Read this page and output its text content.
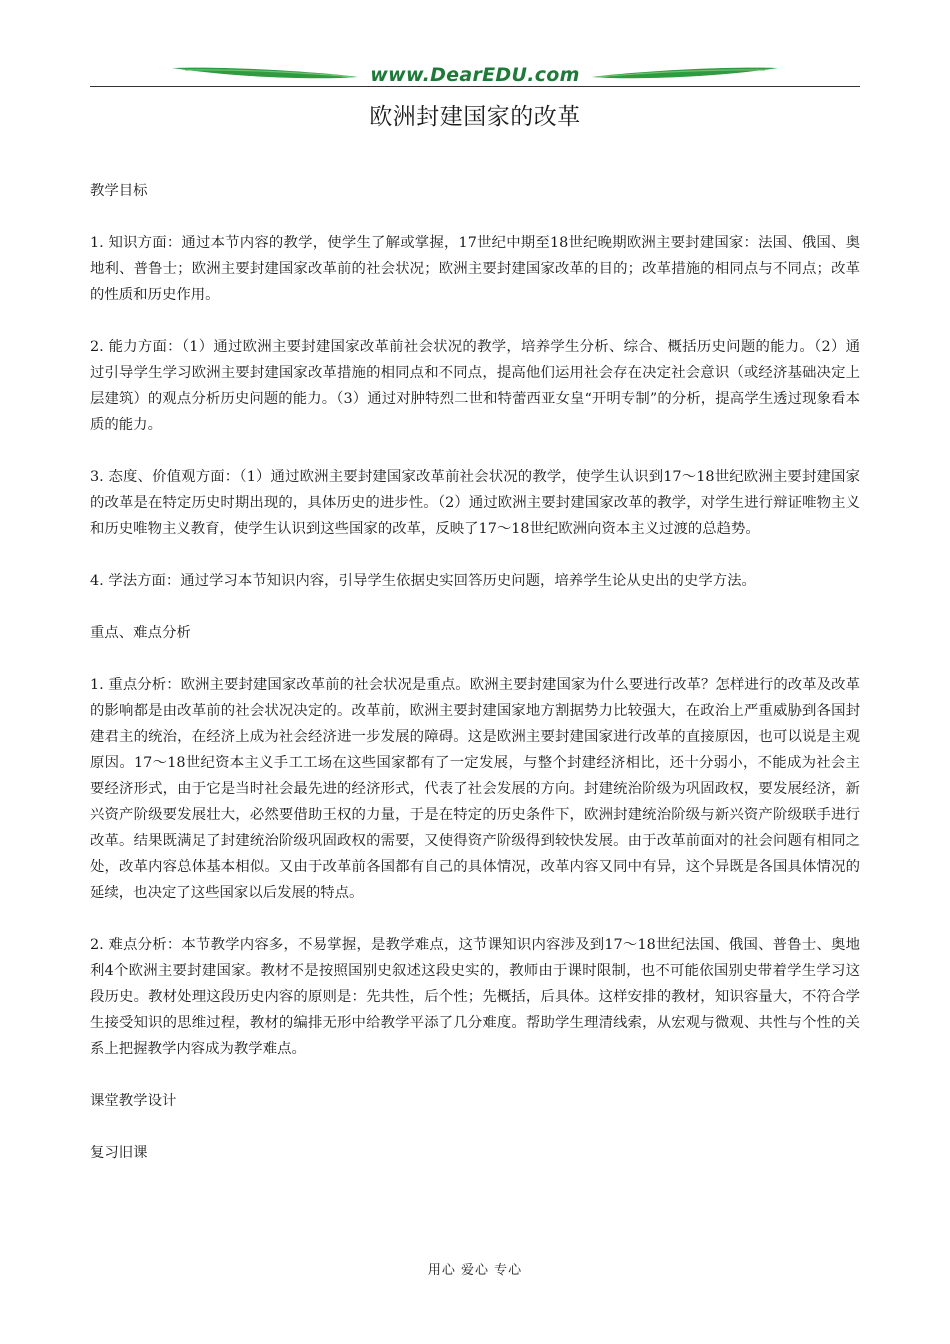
www.DearEDU.com
欧洲封建国家的改革

教学目标

1. 知识方面：通过本节内容的教学，使学生了解或掌握，17世纪中期至18世纪晚期欧洲主要封建国家：法国、俄国、奥地利、普鲁士；欧洲主要封建国家改革前的社会状况；欧洲主要封建国家改革的目的；改革措施的相同点与不同点；改革的性质和历史作用。

2. 能力方面：（1）通过欧洲主要封建国家改革前社会状况的教学，培养学生分析、综合、概括历史问题的能力。（2）通过引导学生学习欧洲主要封建国家改革措施的相同点和不同点，提高他们运用社会存在决定社会意识（或经济基础决定上层建筑）的观点分析历史问题的能力。（3）通过对肿特烈二世和特蕾西亚女皇“开明专制”的分析，提高学生透过现象看本质的能力。

3. 态度、价值观方面：（1）通过欧洲主要封建国家改革前社会状况的教学，使学生认识到17～18世纪欧洲主要封建国家的改革是在特定历史时期出现的，具体历史的进步性。（2）通过欧洲主要封建国家改革的教学，对学生进行辩证唯物主义和历史唯物主义教育，使学生认识到这些国家的改革，反映了17～18世纪欧洲向资本主义过渡的总趋势。

4. 学法方面：通过学习本节知识内容，引导学生依据史实回答历史问题，培养学生论从史出的史学方法。

重点、难点分析

1. 重点分析：欧洲主要封建国家改革前的社会状况是重点。欧洲主要封建国家为什么要进行改革？怎样进行的改革及改革的影响都是由改革前的社会状况决定的。改革前，欧洲主要封建国家地方割据势力比较强大，在政治上严重威胁到各国封建君主的统治，在经济上成为社会经济进一步发展的障碍。这是欧洲主要封建国家进行改革的直接原因，也可以说是主观原因。17～18世纪资本主义手工工场在这些国家都有了一定发展，与整个封建经济相比，还十分弱小，不能成为社会主要经济形式，由于它是当时社会最先进的经济形式，代表了社会发展的方向。封建统治阶级为巩固政权，要发展经济，新兴资产阶级要发展壮大，必然要借助王权的力量，于是在特定的历史条件下，欧洲封建统治阶级与新兴资产阶级联手进行改革。结果既满足了封建统治阶级巩固政权的需要，又使得资产阶级得到较快发展。由于改革前面对的社会问题有相同之处，改革内容总体基本相似。又由于改革前各国都有自己的具体情况，改革内容又同中有异，这个异既是各国具体情况的延续，也决定了这些国家以后发展的特点。

2. 难点分析：本节教学内容多，不易掌握，是教学难点，这节课知识内容涉及到17～18世纪法国、俄国、普鲁士、奥地利4个欧洲主要封建国家。教材不是按照国别史叙述这段史实的，教师由于课时限制，也不可能依国别史带着学生学习这段历史。教材处理这段历史内容的原则是：先共性，后个性；先概括，后具体。这样安排的教材，知识容量大，不符合学生接受知识的思维过程，教材的编排无形中给教学平添了几分难度。帮助学生理清线索，从宏观与微观、共性与个性的关系上把握教学内容成为教学难点。

课堂教学设计

复习旧课

用心 爱心 专心
